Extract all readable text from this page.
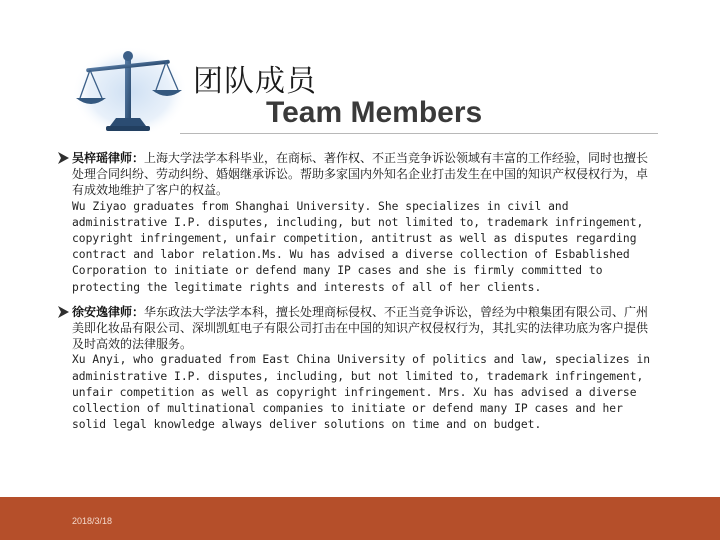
团队成员
Team Members

吴梓瑶律师：上海大学法学本科毕业，在商标、著作权、不正当竞争诉讼领域有丰富的工作经验，同时也擅长处理合同纠纷、劳动纠纷、婚姻继承诉讼。帮助多家国内外知名企业打击发生在中国的知识产权侵权行为，卓有成效地维护了客户的权益。

Wu Ziyao graduates from Shanghai University. She specializes in civil and administrative I.P. disputes, including, but not limited to, trademark infringement, copyright infringement, unfair competition, antitrust as well as disputes regarding contract and labor relation.Ms. Wu has advised a diverse collection of Esbablished Corporation to initiate or defend many IP cases and she is firmly committed to protecting the legitimate rights and interests of all of her clients.

徐安逸律师：华东政法大学法学本科，擅长处理商标侵权、不正当竞争诉讼，曾经为中粮集团有限公司、广州美即化妆品有限公司、深圳凯虹电子有限公司打击在中国的知识产权侵权行为，其扎实的法律功底为客户提供及时高效的法律服务。

Xu Anyi, who graduated from East China University of politics and law, specializes in administrative I.P. disputes, including, but not limited to, trademark infringement, unfair competition as well as copyright infringement. Mrs. Xu has advised a diverse collection of multinational companies to initiate or defend many IP cases and her solid legal knowledge always deliver solutions on time and on budget.

2018/3/18
